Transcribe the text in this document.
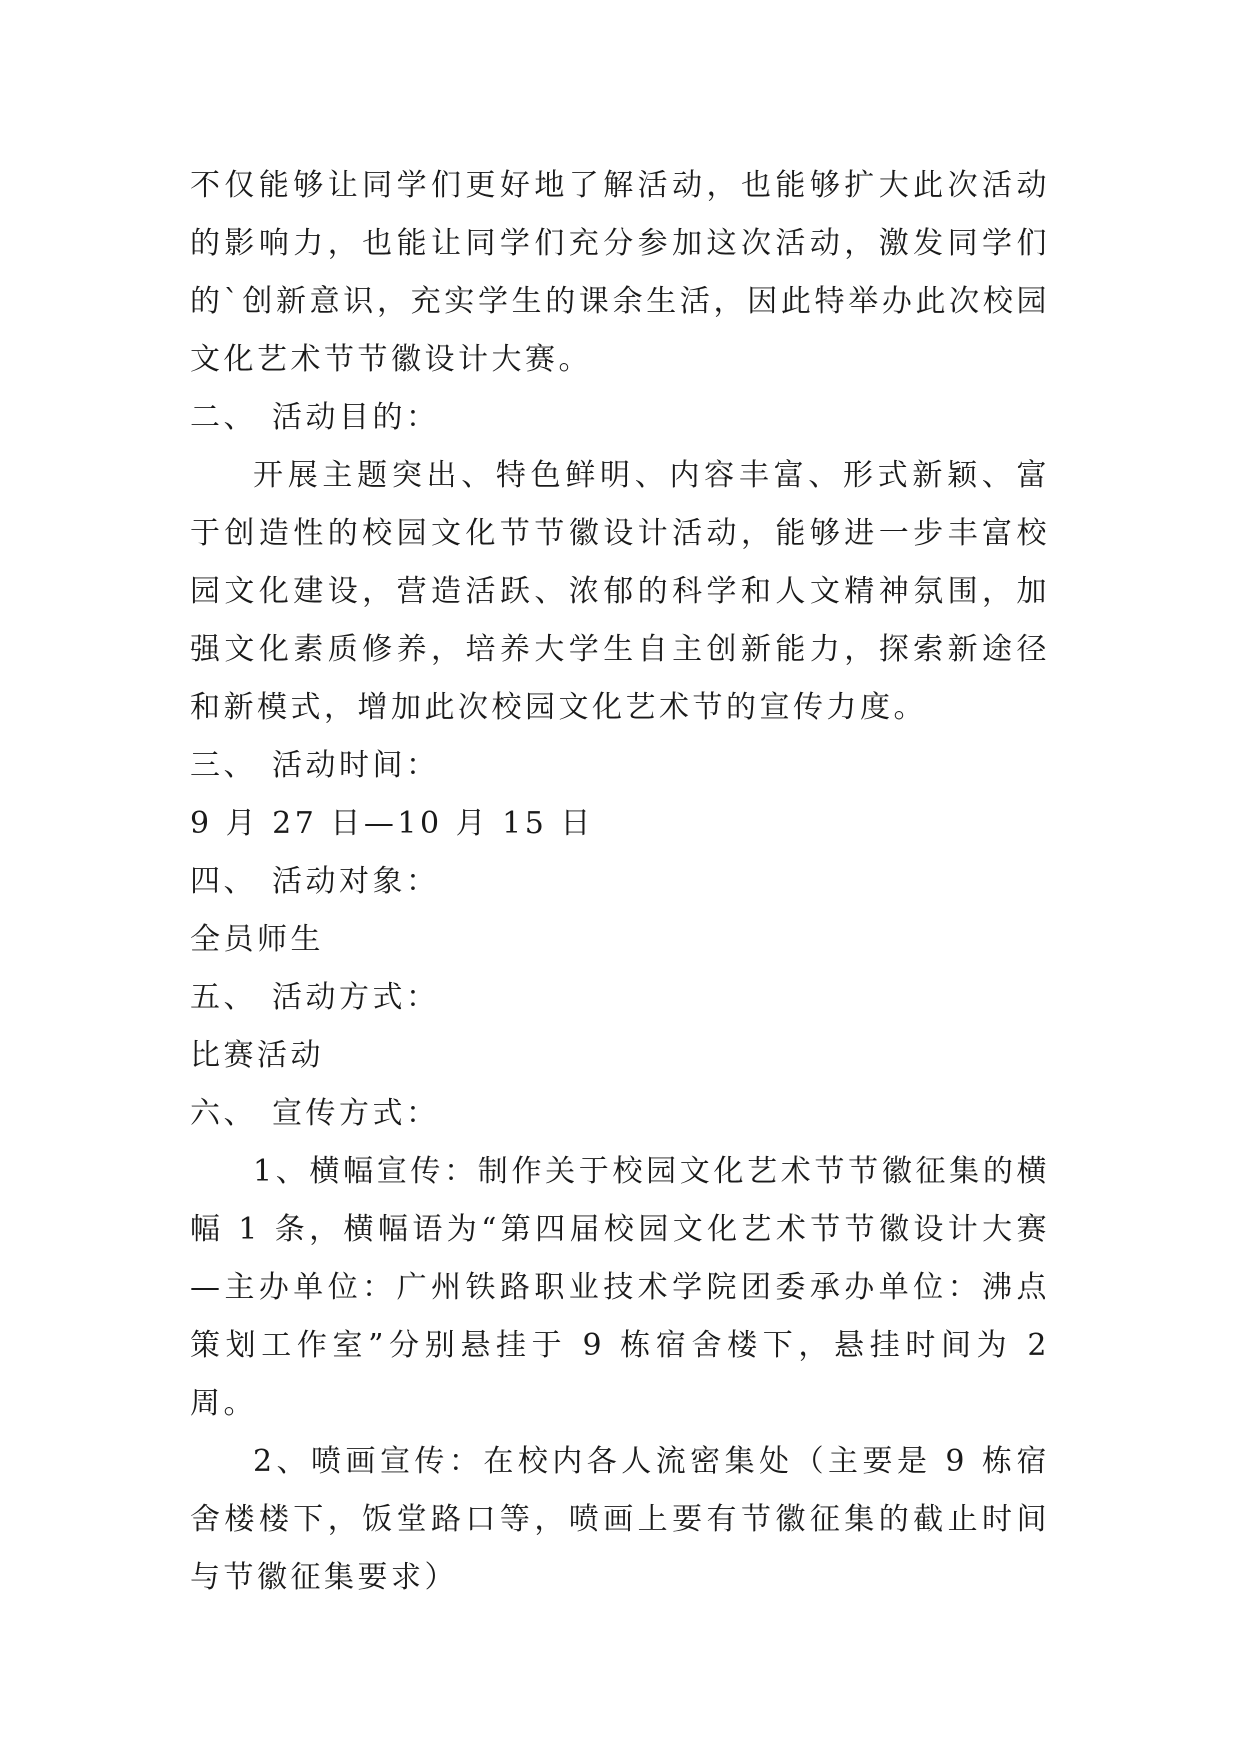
不仅能够让同学们更好地了解活动，也能够扩大此次活动的影响力，也能让同学们充分参加这次活动，激发同学们的`创新意识，充实学生的课余生活，因此特举办此次校园文化艺术节节徽设计大赛。

二、 活动目的：

开展主题突出、特色鲜明、内容丰富、形式新颖、富于创造性的校园文化节节徽设计活动，能够进一步丰富校园文化建设，营造活跃、浓郁的科学和人文精神氛围，加强文化素质修养，培养大学生自主创新能力，探索新途径和新模式，增加此次校园文化艺术节的宣传力度。

三、 活动时间：

9 月 27 日—10 月 15 日

四、 活动对象：

全员师生

五、 活动方式：

比赛活动

六、 宣传方式：

1、横幅宣传：制作关于校园文化艺术节节徽征集的横幅 1 条，横幅语为“第四届校园文化艺术节节徽设计大赛—主办单位：广州铁路职业技术学院团委承办单位：沸点策划工作室”分别悬挂于 9 栋宿舍楼下，悬挂时间为 2 周。

2、喷画宣传：在校内各人流密集处（主要是 9 栋宿舍楼楼下，饭堂路口等，喷画上要有节徽征集的截止时间与节徽征集要求）
